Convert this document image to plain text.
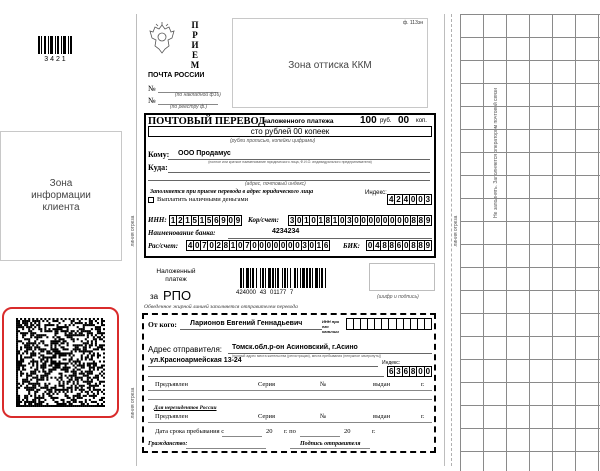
3 4 2 1
Зона информации клиента
линия отреза	линия отреза
Не заполнять. Заполняется оператором почтовой связи
ПРИЕМ
ПОЧТА РОССИИ
№
(по накладной ф16)
№
(по реестру ф.)
ф. 113эн
Зона оттиска ККМ
ПОЧТОВЫЙ ПЕРЕВОД
наложенного платежа	100 руб. 00 коп.
сто рублей 00 копеек
(рубли прописью, копейки цифрами)
Кому: ООО Продамус
(полное или краткое наименование юридического лица, Ф.И.О. индивидуального предпринимателя)
Куда:
(адрес, почтовый индекс)
Заполняется при приеме перевода в адрес юридического лица
Выплатить наличными деньгами
Индекс:
4 2 4 0 0 3
ИНН: 1 2 1 5 1 5 6 9 0 9 Кор/счет: 3 0 1 0 1 8 1 0 3 0 0 0 0 0 0 0 0 8 8 9
Наименование банка:	4234234
Рас/счет: 4 0 7 0 2 8 1 0 7 0 0 0 0 0 0 0 3 0 1 6 БИК: 0 4 8 8 6 0 8 8 9
Наложенный платеж
за РПО	424000 43 01177 7
(шифр и подпись)
Обведенное жирной линией заполняется отправителем перевода
От кого: Ларионов Евгений Геннадьевич	ИНН при его наличии
Адрес отправителя: Томск.обл.р-он Асиновский, г.Асино
(полный адрес места жительства (регистрации), места пребывания (ненужное зачеркнуть))
ул.Красноармейская 13-24	Индекс:
6 3 6 8 0 0
Предъявлен	Серия	№	выдан	г.
Для нерезидентов России
Предъявлен	Серия	№	выдан	г.
Дата срока пребывания с	20 г. по	20	г.
Гражданство:	Подпись отправителя
линия отреза
